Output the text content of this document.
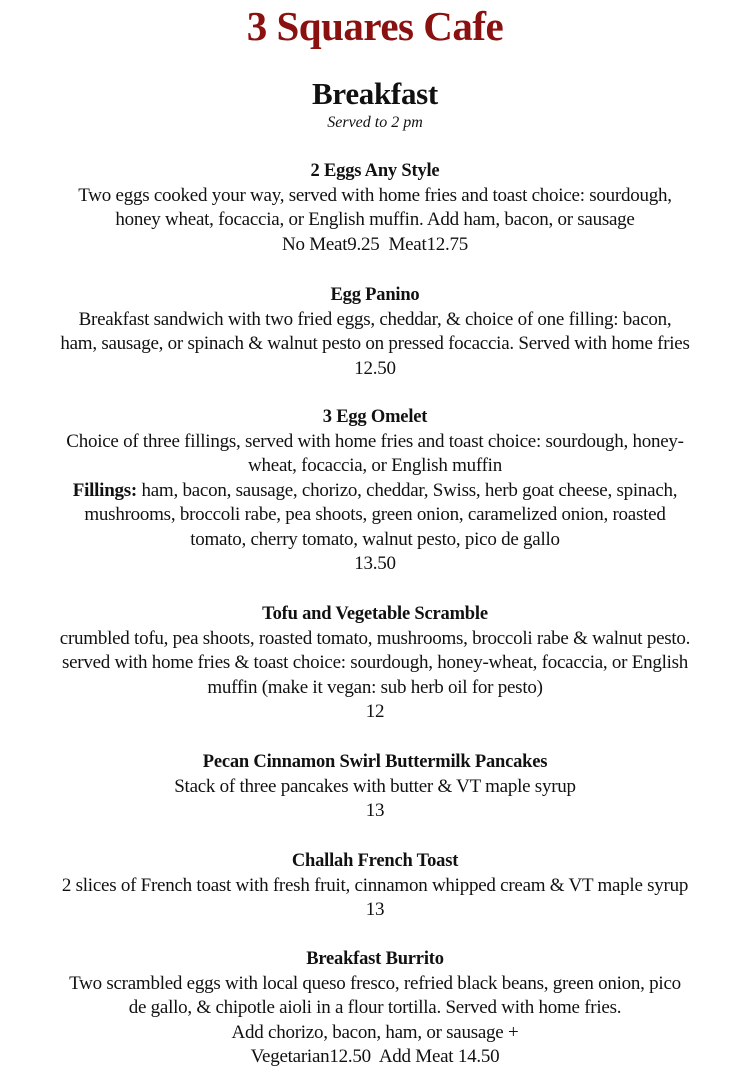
3 Squares Cafe
Breakfast
Served to 2 pm
2 Eggs Any Style
Two eggs cooked your way, served with home fries and toast choice: sourdough,
honey wheat, focaccia, or English muffin. Add ham, bacon, or sausage
No Meat9.25  Meat12.75
Egg Panino
Breakfast sandwich with two fried eggs, cheddar, & choice of one filling: bacon,
ham, sausage, or spinach & walnut pesto on pressed focaccia. Served with home fries
12.50
3 Egg Omelet
Choice of three fillings, served with home fries and toast choice: sourdough, honey-
wheat, focaccia, or English muffin
Fillings: ham, bacon, sausage, chorizo, cheddar, Swiss, herb goat cheese, spinach,
mushrooms, broccoli rabe, pea shoots, green onion, caramelized onion, roasted
tomato, cherry tomato, walnut pesto, pico de gallo
13.50
Tofu and Vegetable Scramble
crumbled tofu, pea shoots, roasted tomato, mushrooms, broccoli rabe & walnut pesto.
served with home fries & toast choice: sourdough, honey-wheat, focaccia, or English
muffin (make it vegan: sub herb oil for pesto)
12
Pecan Cinnamon Swirl Buttermilk Pancakes
Stack of three pancakes with butter & VT maple syrup
13
Challah French Toast
2 slices of French toast with fresh fruit, cinnamon whipped cream & VT maple syrup
13
Breakfast Burrito
Two scrambled eggs with local queso fresco, refried black beans, green onion, pico
de gallo, & chipotle aioli in a flour tortilla. Served with home fries.
Add chorizo, bacon, ham, or sausage +
Vegetarian12.50  Add Meat 14.50
